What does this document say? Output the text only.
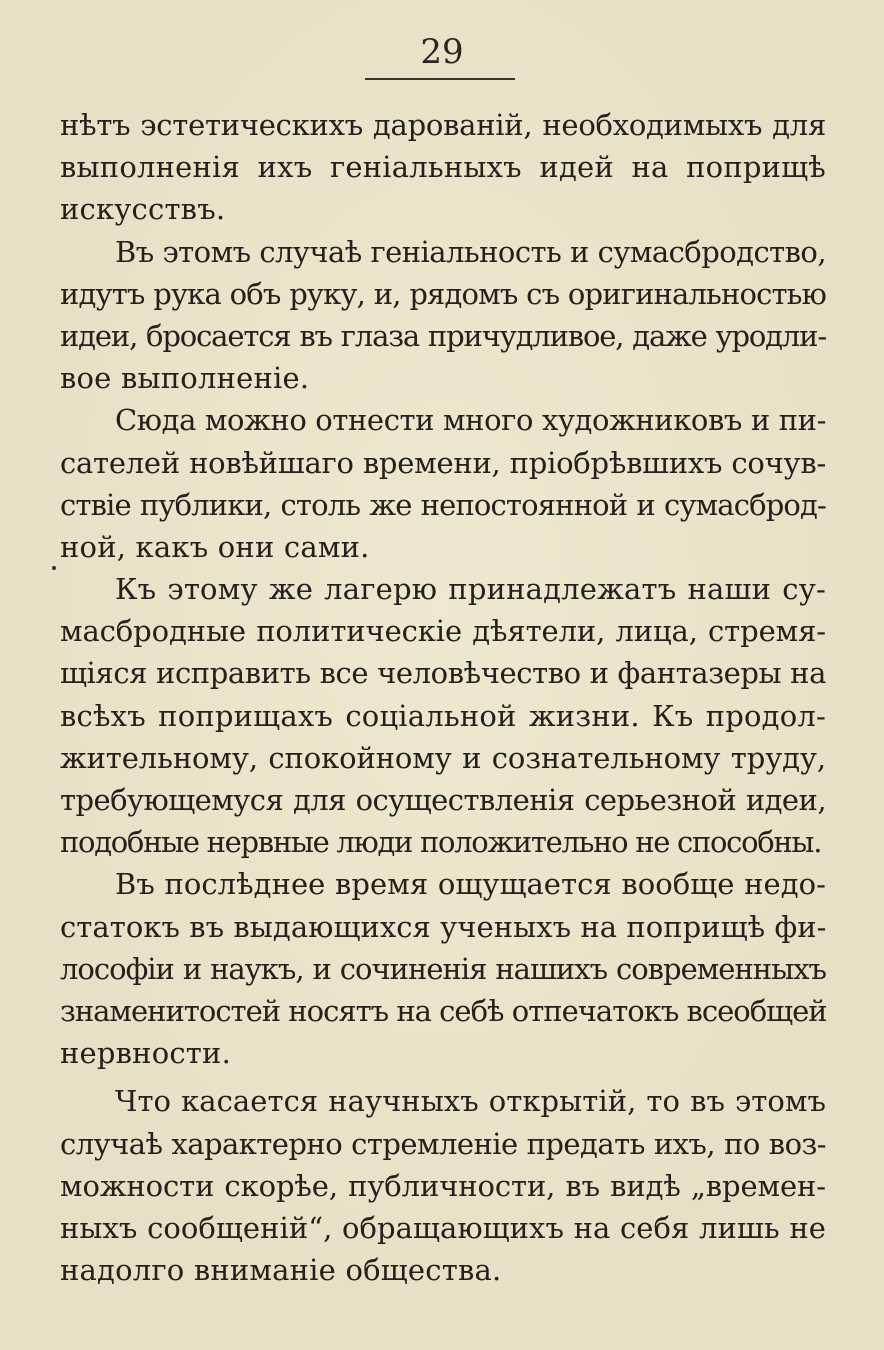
29
нѣтъ эстетическихъ дарованій, необходимыхъ для
выполненія ихъ геніальныхъ идей на поприщѣ
искусствъ.
Въ этомъ случаѣ геніальность и сумасбродство,
идутъ рука объ руку, и, рядомъ съ оригинальностью
идеи, бросается въ глаза причудливое, даже уродли-
вое выполненіе.
Сюда можно отнести много художниковъ и пи-
сателей новѣйшаго времени, пріобрѣвшихъ сочув-
ствіе публики, столь же непостоянной и сумасброд-
ной, какъ они сами.
Къ этому же лагерю принадлежатъ наши су-
масбродные политическіе дѣятели, лица, стремя-
щіяся исправить все человѣчество и фантазеры на
всѣхъ поприщахъ соціальной жизни. Къ продол-
жительному, спокойному и сознательному труду,
требующемуся для осуществленія серьезной идеи,
подобные нервные люди положительно не способны.
Въ послѣднее время ощущается вообще недо-
статокъ въ выдающихся ученыхъ на поприщѣ фи-
лософіи и наукъ, и сочиненія нашихъ современныхъ
знаменитостей носятъ на себѣ отпечатокъ всеобщей
нервности.
Что касается научныхъ открытій, то въ этомъ
случаѣ характерно стремленіе предать ихъ, по воз-
можности скорѣе, публичности, въ видѣ „времен-
ныхъ сообщеній“, обращающихъ на себя лишь не
надолго вниманіе общества.
